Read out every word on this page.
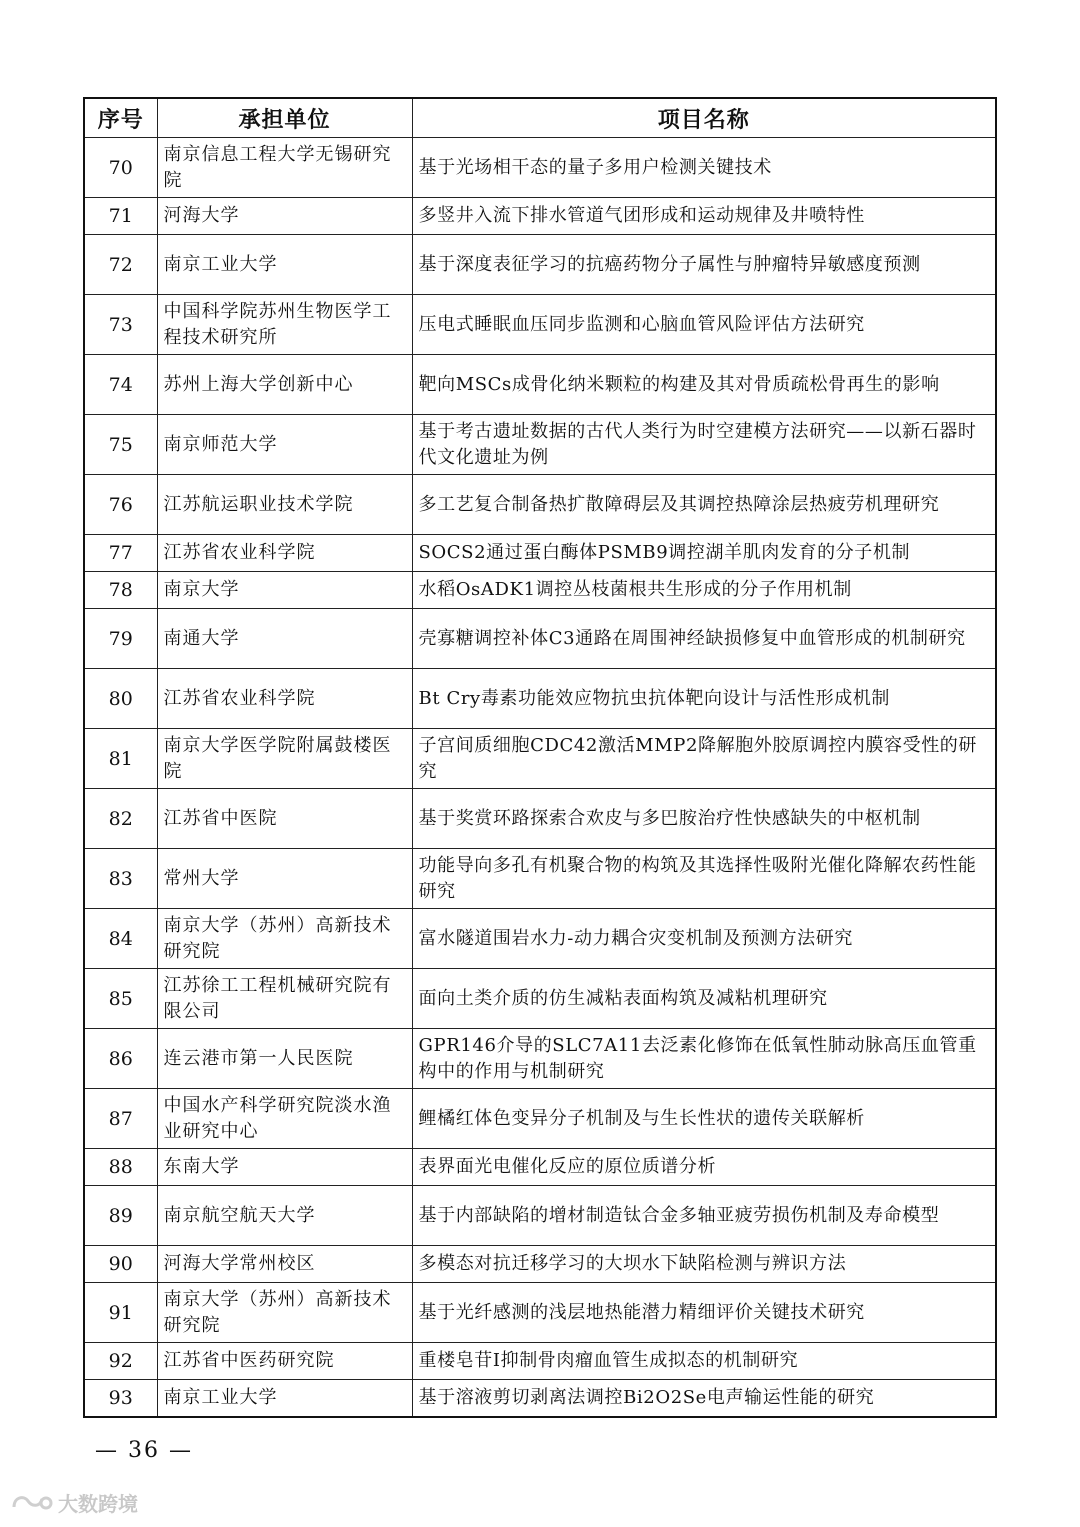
序号	承担单位	项目名称
70	南京信息工程大学无锡研究院	基于光场相干态的量子多用户检测关键技术
71	河海大学	多竖井入流下排水管道气团形成和运动规律及井喷特性
72	南京工业大学	基于深度表征学习的抗癌药物分子属性与肿瘤特异敏感度预测
73	中国科学院苏州生物医学工程技术研究所	压电式睡眠血压同步监测和心脑血管风险评估方法研究
74	苏州上海大学创新中心	靶向MSCs成骨化纳米颗粒的构建及其对骨质疏松骨再生的影响
75	南京师范大学	基于考古遗址数据的古代人类行为时空建模方法研究——以新石器时代文化遗址为例
76	江苏航运职业技术学院	多工艺复合制备热扩散障碍层及其调控热障涂层热疲劳机理研究
77	江苏省农业科学院	SOCS2通过蛋白酶体PSMB9调控湖羊肌肉发育的分子机制
78	南京大学	水稻OsADK1调控丛枝菌根共生形成的分子作用机制
79	南通大学	壳寡糖调控补体C3通路在周围神经缺损修复中血管形成的机制研究
80	江苏省农业科学院	Bt Cry毒素功能效应物抗虫抗体靶向设计与活性形成机制
81	南京大学医学院附属鼓楼医院	子宫间质细胞CDC42激活MMP2降解胞外胶原调控内膜容受性的研究
82	江苏省中医院	基于奖赏环路探索合欢皮与多巴胺治疗性快感缺失的中枢机制
83	常州大学	功能导向多孔有机聚合物的构筑及其选择性吸附光催化降解农药性能研究
84	南京大学（苏州）高新技术研究院	富水隧道围岩水力-动力耦合灾变机制及预测方法研究
85	江苏徐工工程机械研究院有限公司	面向土类介质的仿生减粘表面构筑及减粘机理研究
86	连云港市第一人民医院	GPR146介导的SLC7A11去泛素化修饰在低氧性肺动脉高压血管重构中的作用与机制研究
87	中国水产科学研究院淡水渔业研究中心	鲤橘红体色变异分子机制及与生长性状的遗传关联解析
88	东南大学	表界面光电催化反应的原位质谱分析
89	南京航空航天大学	基于内部缺陷的增材制造钛合金多轴亚疲劳损伤机制及寿命模型
90	河海大学常州校区	多模态对抗迁移学习的大坝水下缺陷检测与辨识方法
91	南京大学（苏州）高新技术研究院	基于光纤感测的浅层地热能潜力精细评价关键技术研究
92	江苏省中医药研究院	重楼皂苷I抑制骨肉瘤血管生成拟态的机制研究
93	南京工业大学	基于溶液剪切剥离法调控Bi2O2Se电声输运性能的研究
— 36 —
大数跨境
